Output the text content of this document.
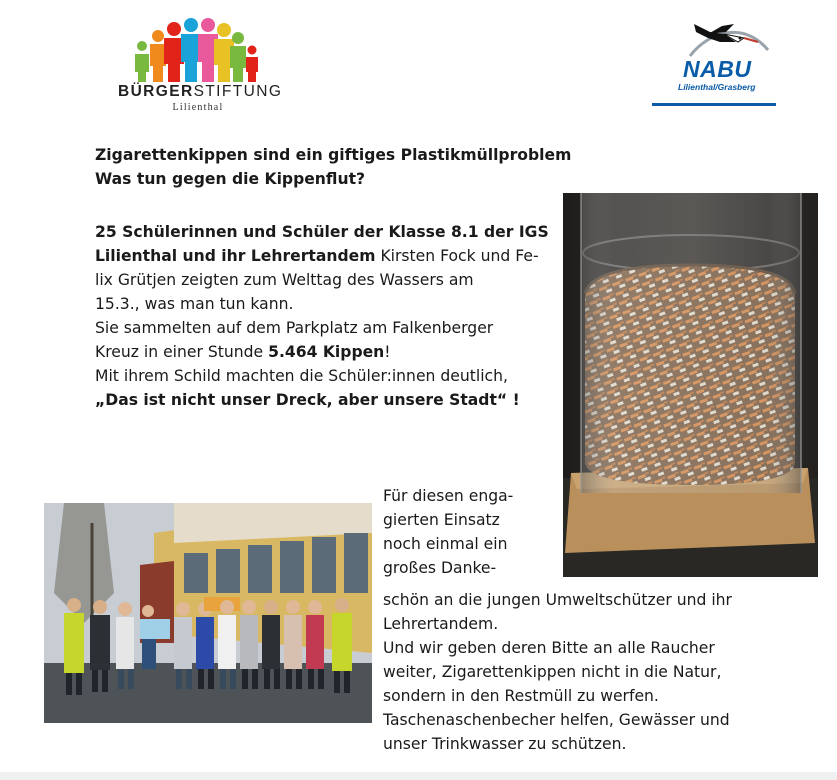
BÜRGERSTIFTUNG
Lilienthal
NABU
Lilienthal/Grasberg
Zigarettenkippen sind ein giftiges Plastikmüllproblem
Was tun gegen die Kippenflut?
25 Schülerinnen und Schüler der Klasse 8.1 der IGS
Lilienthal und ihr Lehrertandem Kirsten Fock und Fe-
lix Grütjen zeigten zum Welttag des Wassers am
15.3., was man tun kann.
Sie sammelten auf dem Parkplatz am Falkenberger
Kreuz in einer Stunde 5.464 Kippen!
Mit ihrem Schild machten die Schüler:innen deutlich,
„Das ist nicht unser Dreck, aber unsere Stadt“ !
Für diesen enga-
gierten Einsatz
noch einmal ein
großes Danke-
schön an die jungen Umweltschützer und ihr
Lehrertandem.
Und wir geben deren Bitte an alle Raucher
weiter, Zigarettenkippen nicht in die Natur,
sondern in den Restmüll zu werfen.
Taschenaschenbecher helfen, Gewässer und
unser Trinkwasser zu schützen.
